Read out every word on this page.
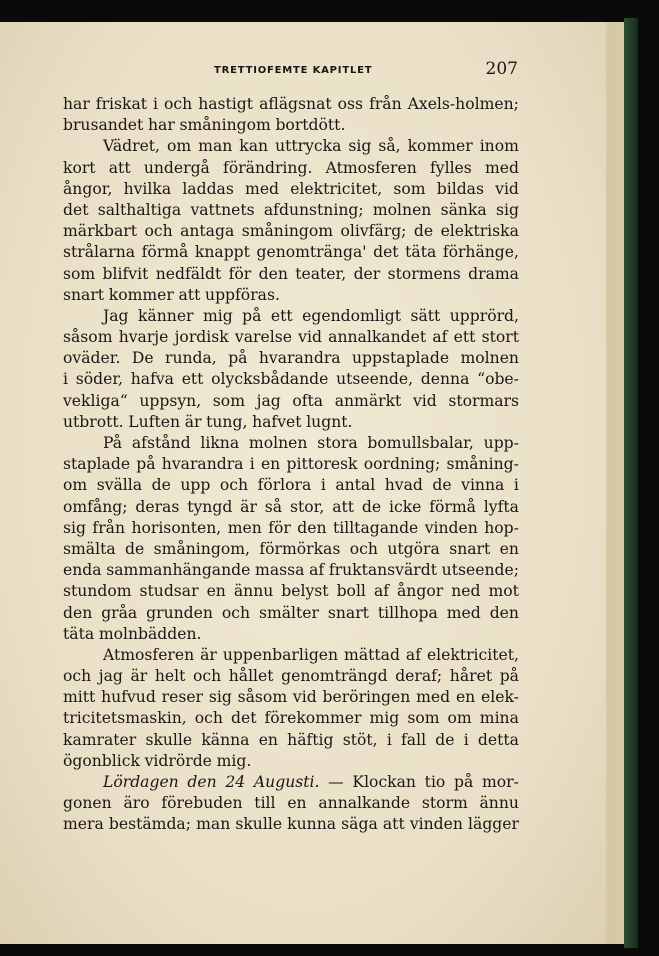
TRETTIOFEMTE KAPITLET	207
har friskat i och hastigt aflägsnat oss från Axels-holmen;
brusandet har småningom bortdött.
Vädret, om man kan uttrycka sig så, kommer inom
kort att undergå förändring. Atmosferen fylles med
ångor, hvilka laddas med elektricitet, som bildas vid
det salthaltiga vattnets afdunstning; molnen sänka sig
märkbart och antaga småningom olivfärg; de elektriska
strålarna förmå knappt genomtränga' det täta förhänge,
som blifvit nedfäldt för den teater, der stormens drama
snart kommer att uppföras.
Jag känner mig på ett egendomligt sätt upprörd,
såsom hvarje jordisk varelse vid annalkandet af ett stort
oväder. De runda, på hvarandra uppstaplade molnen
i söder, hafva ett olycksbådande utseende, denna “obe-
vekliga“ uppsyn, som jag ofta anmärkt vid stormars
utbrott. Luften är tung, hafvet lugnt.
På afstånd likna molnen stora bomullsbalar, upp-
staplade på hvarandra i en pittoresk oordning; småning-
om svälla de upp och förlora i antal hvad de vinna i
omfång; deras tyngd är så stor, att de icke förmå lyfta
sig från horisonten, men för den tilltagande vinden hop-
smälta de småningom, förmörkas och utgöra snart en
enda sammanhängande massa af fruktansvärdt utseende;
stundom studsar en ännu belyst boll af ångor ned mot
den gråa grunden och smälter snart tillhopa med den
täta molnbädden.
Atmosferen är uppenbarligen mättad af elektricitet,
och jag är helt och hållet genomträngd deraf; håret på
mitt hufvud reser sig såsom vid beröringen med en elek-
tricitetsmaskin, och det förekommer mig som om mina
kamrater skulle känna en häftig stöt, i fall de i detta
ögonblick vidrörde mig.
Lördagen den 24 Augusti. — Klockan tio på mor-
gonen äro förebuden till en annalkande storm ännu
mera bestämda; man skulle kunna säga att vinden lägger
